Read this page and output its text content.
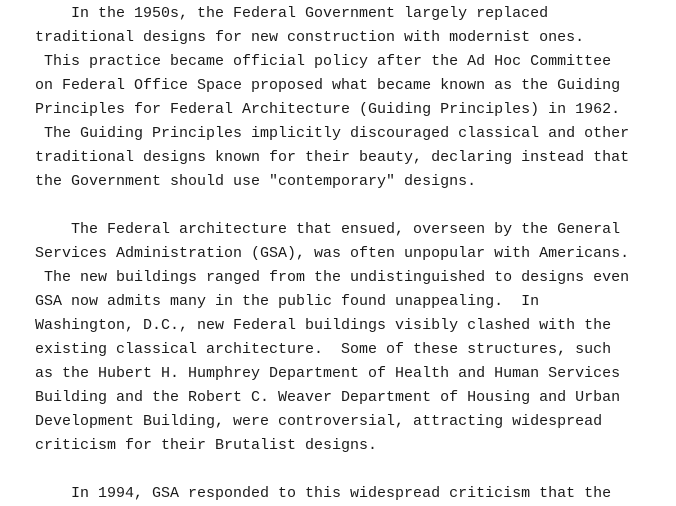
In the 1950s, the Federal Government largely replaced
traditional designs for new construction with modernist ones.
This practice became official policy after the Ad Hoc Committee
on Federal Office Space proposed what became known as the Guiding
Principles for Federal Architecture (Guiding Principles) in 1962.
The Guiding Principles implicitly discouraged classical and other
traditional designs known for their beauty, declaring instead that
the Government should use "contemporary" designs.
The Federal architecture that ensued, overseen by the General
Services Administration (GSA), was often unpopular with Americans.
The new buildings ranged from the undistinguished to designs even
GSA now admits many in the public found unappealing.  In
Washington, D.C., new Federal buildings visibly clashed with the
existing classical architecture.  Some of these structures, such
as the Hubert H. Humphrey Department of Health and Human Services
Building and the Robert C. Weaver Department of Housing and Urban
Development Building, were controversial, attracting widespread
criticism for their Brutalist designs.
In 1994, GSA responded to this widespread criticism that the
